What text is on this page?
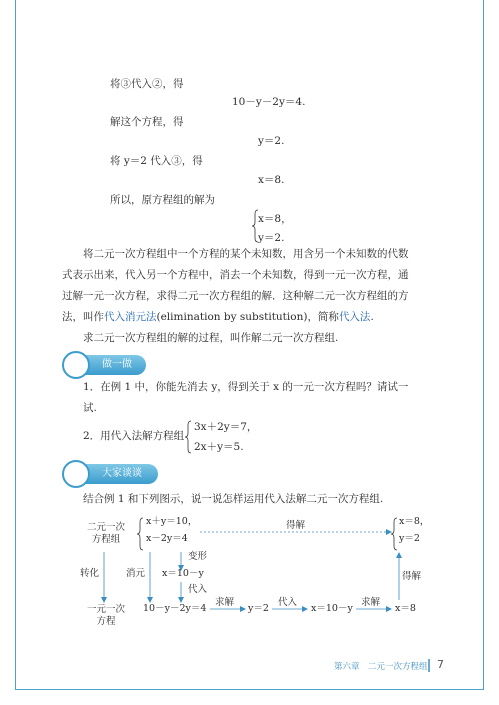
将③代入②，得
10－y－2y＝4.
解这个方程，得
y＝2.
将 y＝2 代入③，得
x＝8.
所以，原方程组的解为
x＝8，
y＝2.
将二元一次方程组中一个方程的某个未知数，用含另一个未知数的代数式表示出来，代入另一个方程中，消去一个未知数，得到一元一次方程，通过解一元一次方程，求得二元一次方程组的解．这种解二元一次方程组的方法，叫作代入消元法(elimination by substitution)，简称代入法.
求二元一次方程组的解的过程，叫作解二元一次方程组.
做一做
1．在例 1 中，你能先消去 y，得到关于 x 的一元一次方程吗？请试一试.
2．用代入法解方程组
3x＋2y＝7，
2x＋y＝5.
大家谈谈
结合例 1 和下列图示，说一说怎样运用代入法解二元一次方程组.
二元一次
方程组
x＋y＝10，
x－2y＝4
得解	x＝8，
y＝2
变形
x＝10－y
代入
转化	消元
一元一次
方程
10－y－2y＝4
求解
y＝2
代入
x＝10－y
求解
x＝8
得解
第六章　二元一次方程组 7
